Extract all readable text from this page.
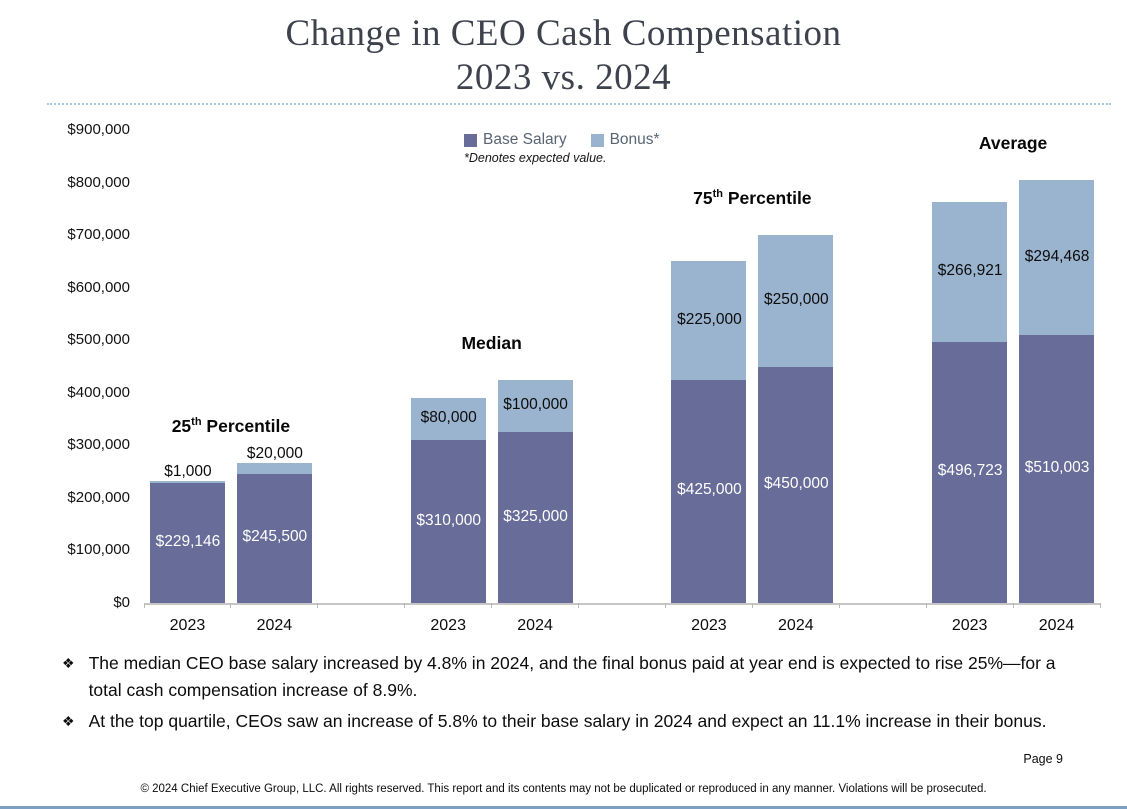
Change in CEO Cash Compensation
2023 vs. 2024
$900,000
$800,000
$700,000
$600,000
$500,000
$400,000
$300,000
$200,000
$100,000
$0
2023
$229,146
$1,000
2024
$245,500
$20,000
25th Percentile
2023
$310,000
$80,000
2024
$325,000
$100,000
Median
2023
$425,000
$225,000
2024
$450,000
$250,000
75th Percentile
2023
$496,723
$266,921
2024
$510,003
$294,468
Average
Base Salary	Bonus*
*Denotes expected value.
❖ The median CEO base salary increased by 4.8% in 2024, and the final bonus paid at year end is expected to rise 25%—for a total cash compensation increase of 8.9%.
❖ At the top quartile, CEOs saw an increase of 5.8% to their base salary in 2024 and expect an 11.1% increase in their bonus.
Page 9
© 2024 Chief Executive Group, LLC. All rights reserved. This report and its contents may not be duplicated or reproduced in any manner. Violations will be prosecuted.
